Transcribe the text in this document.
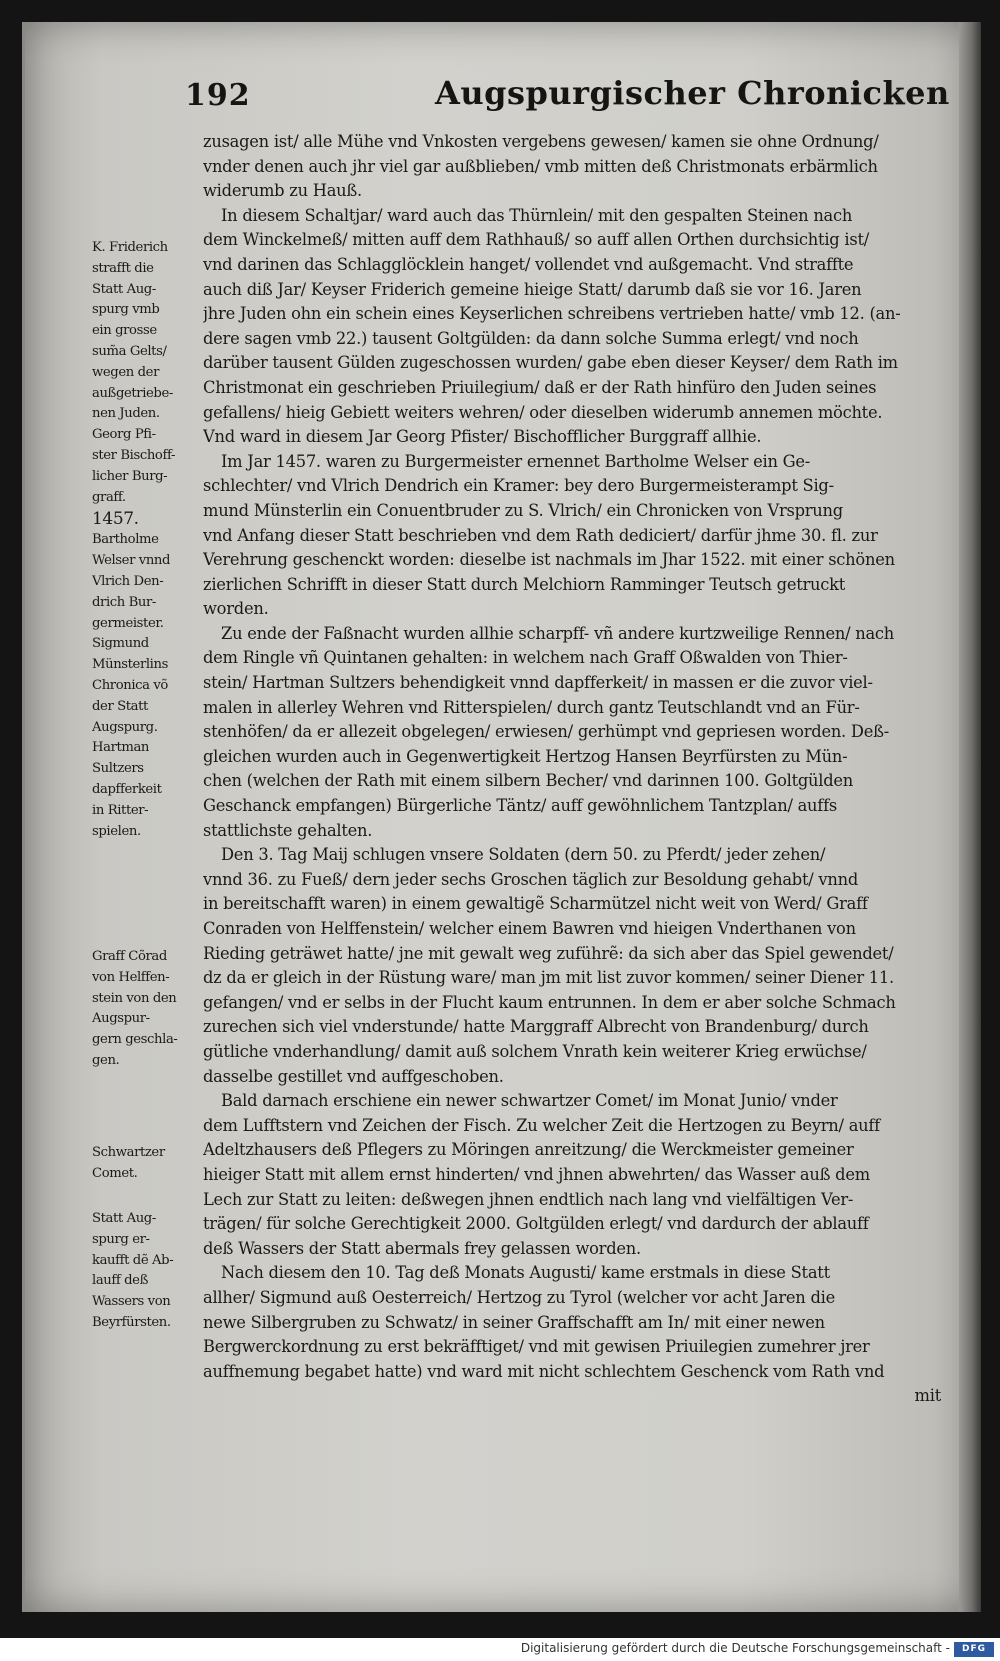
192	Augspurgischer Chronicken
zusagen ist/ alle Mühe vnd Vnkosten vergebens gewesen/ kamen sie ohne Ordnung/
vnder denen auch jhr viel gar außblieben/ vmb mitten deß Christmonats erbärmlich
widerumb zu Hauß.
In diesem Schaltjar/ ward auch das Thürnlein/ mit den gespalten Steinen nach
dem Winckelmeß/ mitten auff dem Rathhauß/ so auff allen Orthen durchsichtig ist/
vnd darinen das Schlagglöcklein hanget/ vollendet vnd außgemacht. Vnd straffte
auch diß Jar/ Keyser Friderich gemeine hieige Statt/ darumb daß sie vor 16. Jaren
jhre Juden ohn ein schein eines Keyserlichen schreibens vertrieben hatte/ vmb 12. (an-
dere sagen vmb 22.) tausent Goltgülden: da dann solche Summa erlegt/ vnd noch
darüber tausent Gülden zugeschossen wurden/ gabe eben dieser Keyser/ dem Rath im
Christmonat ein geschrieben Priuilegium/ daß er der Rath hinfüro den Juden seines
gefallens/ hieig Gebiett weiters wehren/ oder dieselben widerumb annemen möchte.
Vnd ward in diesem Jar Georg Pfister/ Bischofflicher Burggraff allhie.
Im Jar 1457. waren zu Burgermeister ernennet Bartholme Welser ein Ge-
schlechter/ vnd Vlrich Dendrich ein Kramer: bey dero Burgermeisterampt Sig-
mund Münsterlin ein Conuentbruder zu S. Vlrich/ ein Chronicken von Vrsprung
vnd Anfang dieser Statt beschrieben vnd dem Rath dediciert/ darfür jhme 30. fl. zur
Verehrung geschenckt worden: dieselbe ist nachmals im Jhar 1522. mit einer schönen
zierlichen Schrifft in dieser Statt durch Melchiorn Ramminger Teutsch getruckt
worden.
Zu ende der Faßnacht wurden allhie scharpff- vñ andere kurtzweilige Rennen/ nach
dem Ringle vñ Quintanen gehalten: in welchem nach Graff Oßwalden von Thier-
stein/ Hartman Sultzers behendigkeit vnnd dapfferkeit/ in massen er die zuvor viel-
malen in allerley Wehren vnd Ritterspielen/ durch gantz Teutschlandt vnd an Für-
stenhöfen/ da er allezeit obgelegen/ erwiesen/ gerhümpt vnd gepriesen worden. Deß-
gleichen wurden auch in Gegenwertigkeit Hertzog Hansen Beyrfürsten zu Mün-
chen (welchen der Rath mit einem silbern Becher/ vnd darinnen 100. Goltgülden
Geschanck empfangen) Bürgerliche Täntz/ auff gewöhnlichem Tantzplan/ auffs
stattlichste gehalten.
Den 3. Tag Maij schlugen vnsere Soldaten (dern 50. zu Pferdt/ jeder zehen/
vnnd 36. zu Fueß/ dern jeder sechs Groschen täglich zur Besoldung gehabt/ vnnd
in bereitschafft waren) in einem gewaltigẽ Scharmützel nicht weit von Werd/ Graff
Conraden von Helffenstein/ welcher einem Bawren vnd hieigen Vnderthanen von
Rieding geträwet hatte/ jne mit gewalt weg zuführẽ: da sich aber das Spiel gewendet/
dz da er gleich in der Rüstung ware/ man jm mit list zuvor kommen/ seiner Diener 11.
gefangen/ vnd er selbs in der Flucht kaum entrunnen. In dem er aber solche Schmach
zurechen sich viel vnderstunde/ hatte Marggraff Albrecht von Brandenburg/ durch
gütliche vnderhandlung/ damit auß solchem Vnrath kein weiterer Krieg erwüchse/
dasselbe gestillet vnd auffgeschoben.
Bald darnach erschiene ein newer schwartzer Comet/ im Monat Junio/ vnder
dem Lufftstern vnd Zeichen der Fisch. Zu welcher Zeit die Hertzogen zu Beyrn/ auff
Adeltzhausers deß Pflegers zu Möringen anreitzung/ die Werckmeister gemeiner
hieiger Statt mit allem ernst hinderten/ vnd jhnen abwehrten/ das Wasser auß dem
Lech zur Statt zu leiten: deßwegen jhnen endtlich nach lang vnd vielfältigen Ver-
trägen/ für solche Gerechtigkeit 2000. Goltgülden erlegt/ vnd dardurch der ablauff
deß Wassers der Statt abermals frey gelassen worden.
Nach diesem den 10. Tag deß Monats Augusti/ kame erstmals in diese Statt
allher/ Sigmund auß Oesterreich/ Hertzog zu Tyrol (welcher vor acht Jaren die
newe Silbergruben zu Schwatz/ in seiner Graffschafft am In/ mit einer newen
Bergwerckordnung zu erst bekräfftiget/ vnd mit gewisen Priuilegien zumehrer jrer
auffnemung begabet hatte) vnd ward mit nicht schlechtem Geschenck vom Rath vnd
mit
K. Friderich
strafft die
Statt Aug-
spurg vmb
ein grosse
sum̃a Gelts/
wegen der
außgetriebe-
nen Juden.
Georg Pfi-
ster Bischoff-
licher Burg-
graff.
1457.
Bartholme
Welser vnnd
Vlrich Den-
drich Bur-
germeister.
Sigmund
Münsterlins
Chronica võ
der Statt
Augspurg.
Hartman
Sultzers
dapfferkeit
in Ritter-
spielen.
Graff Cõrad
von Helffen-
stein von den
Augspur-
gern geschla-
gen.
Schwartzer
Comet.
Statt Aug-
spurg er-
kaufft dẽ Ab-
lauff deß
Wassers von
Beyrfürsten.
Digitalisierung gefördert durch die Deutsche Forschungsgemeinschaft -	DFG
